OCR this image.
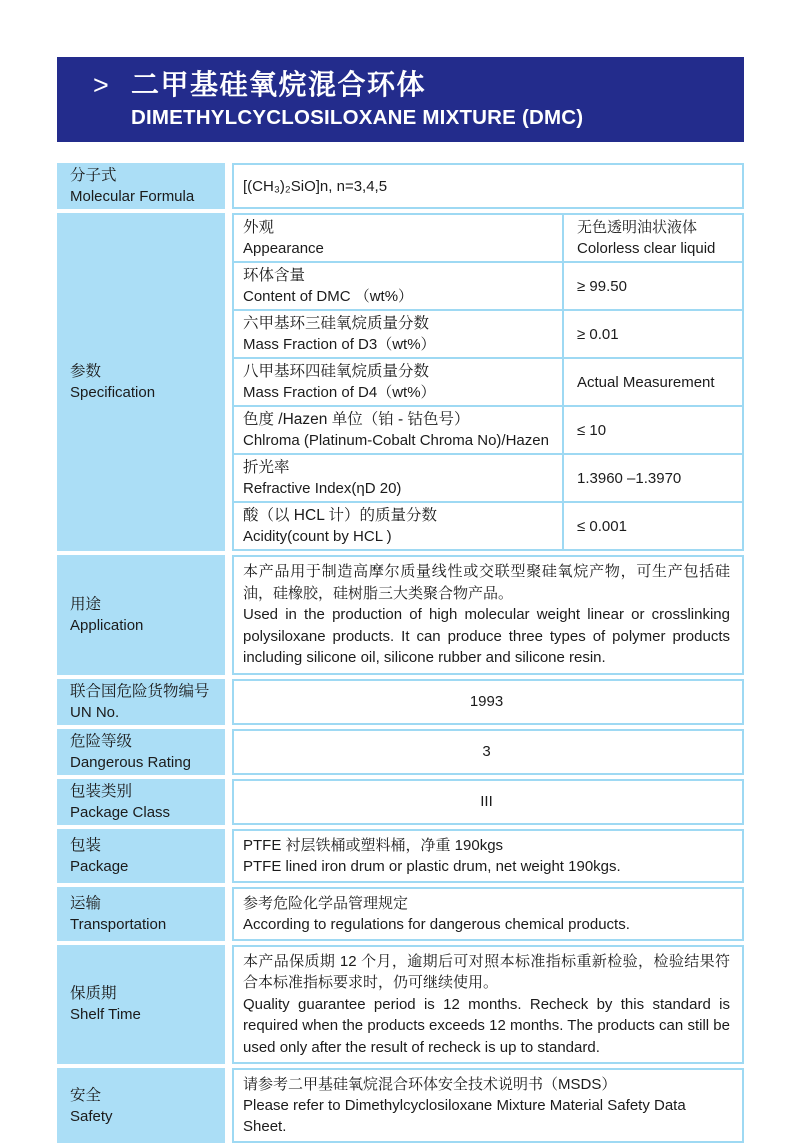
> 二甲基硅氧烷混合环体
DIMETHYLCYCLOSILOXANE MIXTURE (DMC)
分子式
Molecular Formula
[(CH₃)₂SiO]n, n=3,4,5
参数
Specification
外观
Appearance
无色透明油状液体
Colorless clear liquid
环体含量
Content of DMC （wt%）
≥ 99.50
六甲基环三硅氧烷质量分数
Mass Fraction of D3（wt%）
≥ 0.01
八甲基环四硅氧烷质量分数
Mass Fraction of D4（wt%）
Actual Measurement
色度 /Hazen 单位（铂 - 钴色号）
Chlroma (Platinum-Cobalt Chroma No)/Hazen
≤ 10
折光率
Refractive Index(ηD 20)
1.3960 –1.3970
酸（以 HCL 计）的质量分数
Acidity(count by HCL )
≤ 0.001
用途
Application
本产品用于制造高摩尔质量线性或交联型聚硅氧烷产物，可生产包括硅油，硅橡胶，硅树脂三大类聚合物产品。
Used in the production of high molecular weight linear or crosslinking polysiloxane products. It can produce three types of polymer products including silicone oil, silicone rubber and silicone resin.
联合国危险货物编号
UN No.
1993
危险等级
Dangerous Rating
3
包装类别
Package Class
III
包装
Package
PTFE 衬层铁桶或塑料桶，净重 190kgs
PTFE lined iron drum or plastic drum, net weight 190kgs.
运输
Transportation
参考危险化学品管理规定
According to regulations for dangerous chemical products.
保质期
Shelf Time
本产品保质期 12 个月，逾期后可对照本标准指标重新检验，检验结果符合本标准指标要求时，仍可继续使用。
Quality guarantee period is 12 months. Recheck by this standard is required when the products exceeds 12 months. The products can still be used only after the result of recheck is up to standard.
安全
Safety
请参考二甲基硅氧烷混合环体安全技术说明书（MSDS）
Please refer to Dimethylcyclosiloxane Mixture Material Safety Data Sheet.
